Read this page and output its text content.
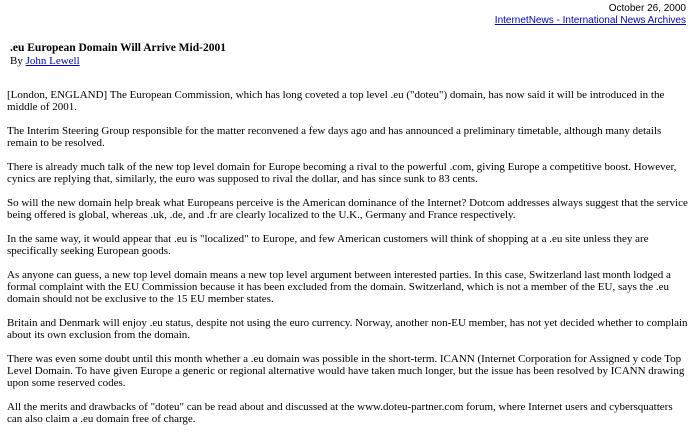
October 26, 2000
InternetNews - International News Archives
.eu European Domain Will Arrive Mid-2001
By John Lewell

[London, ENGLAND] The European Commission, which has long coveted a top level .eu ("doteu") domain, has now said it will be introduced in the middle of 2001.

The Interim Steering Group responsible for the matter reconvened a few days ago and has announced a preliminary timetable, although many details remain to be resolved.

There is already much talk of the new top level domain for Europe becoming a rival to the powerful .com, giving Europe a competitive boost. However, cynics are replying that, similarly, the euro was supposed to rival the dollar, and has since sunk to 83 cents.

So will the new domain help break what Europeans perceive is the American dominance of the Internet? Dotcom addresses always suggest that the service being offered is global, whereas .uk, .de, and .fr are clearly localized to the U.K., Germany and France respectively.

In the same way, it would appear that .eu is "localized" to Europe, and few American customers will think of shopping at a .eu site unless they are specifically seeking European goods.

As anyone can guess, a new top level domain means a new top level argument between interested parties. In this case, Switzerland last month lodged a formal complaint with the EU Commission because it has been excluded from the domain. Switzerland, which is not a member of the EU, says the .eu domain should not be exclusive to the 15 EU member states.

Britain and Denmark will enjoy .eu status, despite not using the euro currency. Norway, another non-EU member, has not yet decided whether to complain about its own exclusion from the domain.

There was even some doubt until this month whether a .eu domain was possible in the short-term. ICANN (Internet Corporation for Assigned y code Top Level Domain. To have given Europe a generic or regional alternative would have taken much longer, but the issue has been resolved by ICANN drawing upon some reserved codes.

All the merits and drawbacks of "doteu" can be read about and discussed at the www.doteu-partner.com forum, where Internet users and cybersquatters can also claim a .eu domain free of charge.
